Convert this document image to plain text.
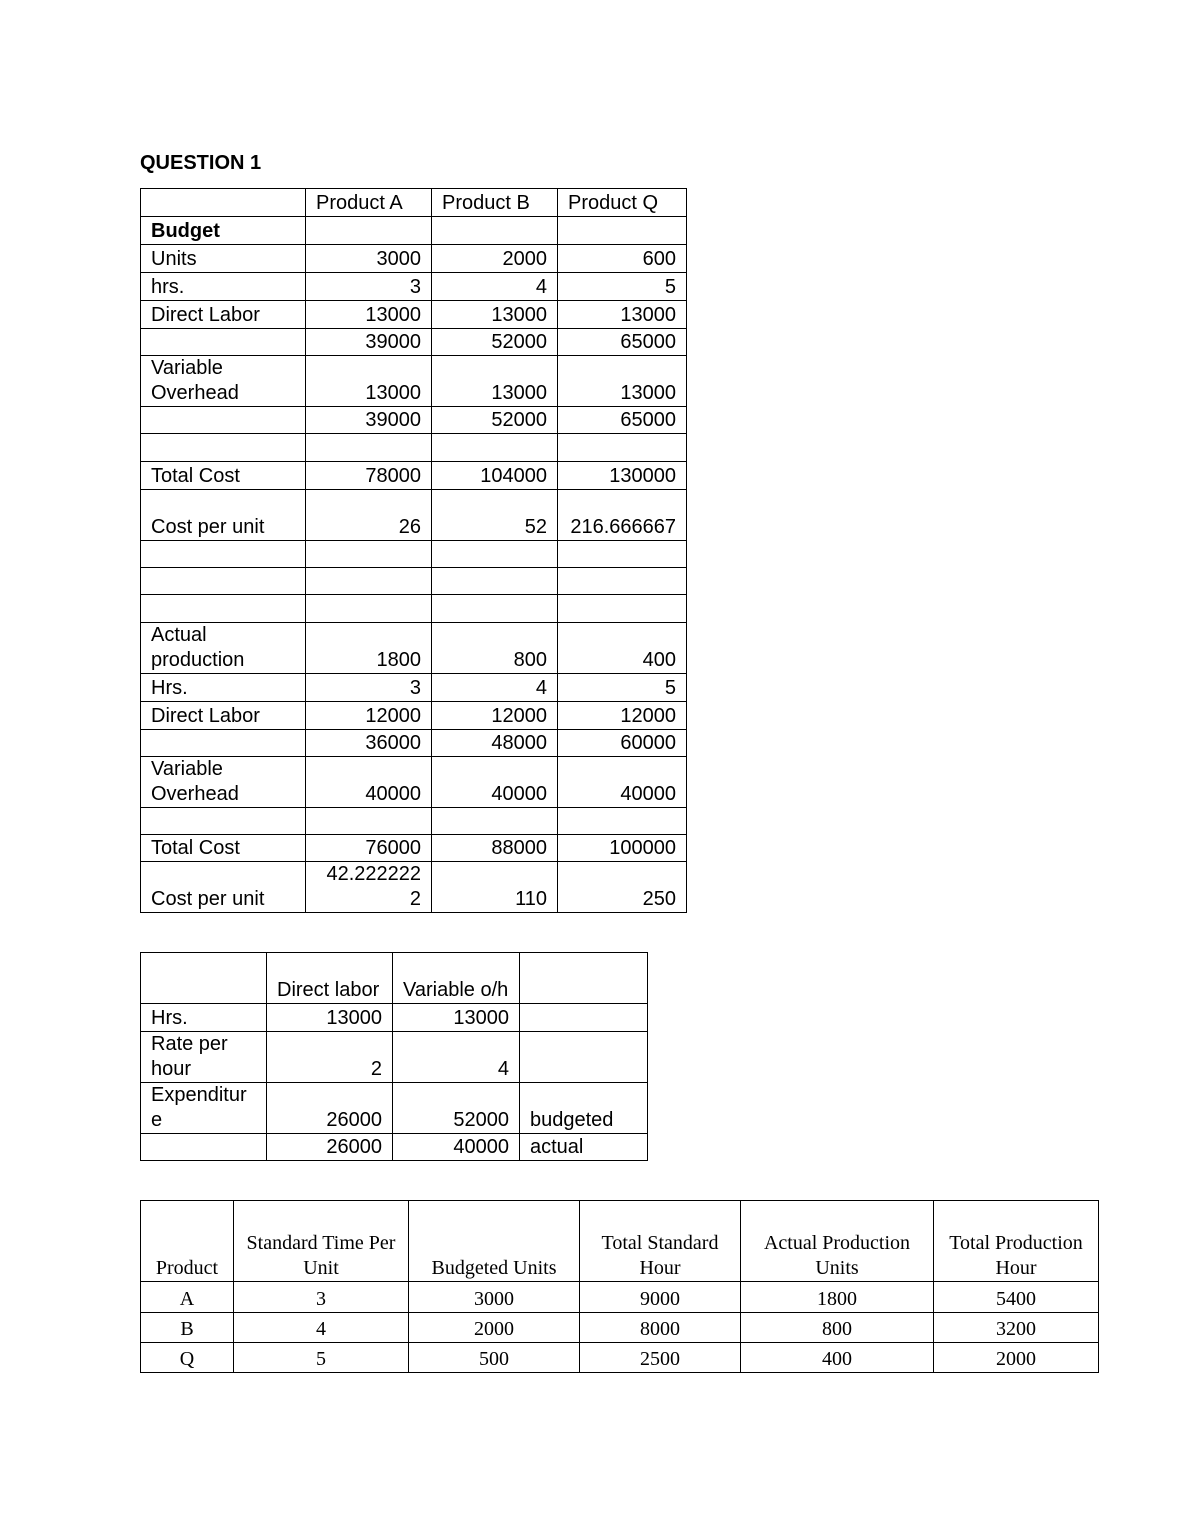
QUESTION 1
	Product A	Product B	Product Q
Budget			
Units	3000	2000	600
hrs.	3	4	5
Direct Labor	13000	13000	13000
	39000	52000	65000
Variable Overhead	13000	13000	13000
	39000	52000	65000

Total Cost	78000	104000	130000
Cost per unit	26	52	216.666667

Actual production	1800	800	400
Hrs.	3	4	5
Direct Labor	12000	12000	12000
	36000	48000	60000
Variable Overhead	40000	40000	40000

Total Cost	76000	88000	100000
Cost per unit	42.2222222	110	250
	Direct labor	Variable o/h	
Hrs.	13000	13000	
Rate per hour	2	4	
Expenditure	26000	52000	budgeted
	26000	40000	actual
Product	Standard Time Per Unit	Budgeted Units	Total Standard Hour	Actual Production Units	Total Production Hour
A	3	3000	9000	1800	5400
B	4	2000	8000	800	3200
Q	5	500	2500	400	2000
